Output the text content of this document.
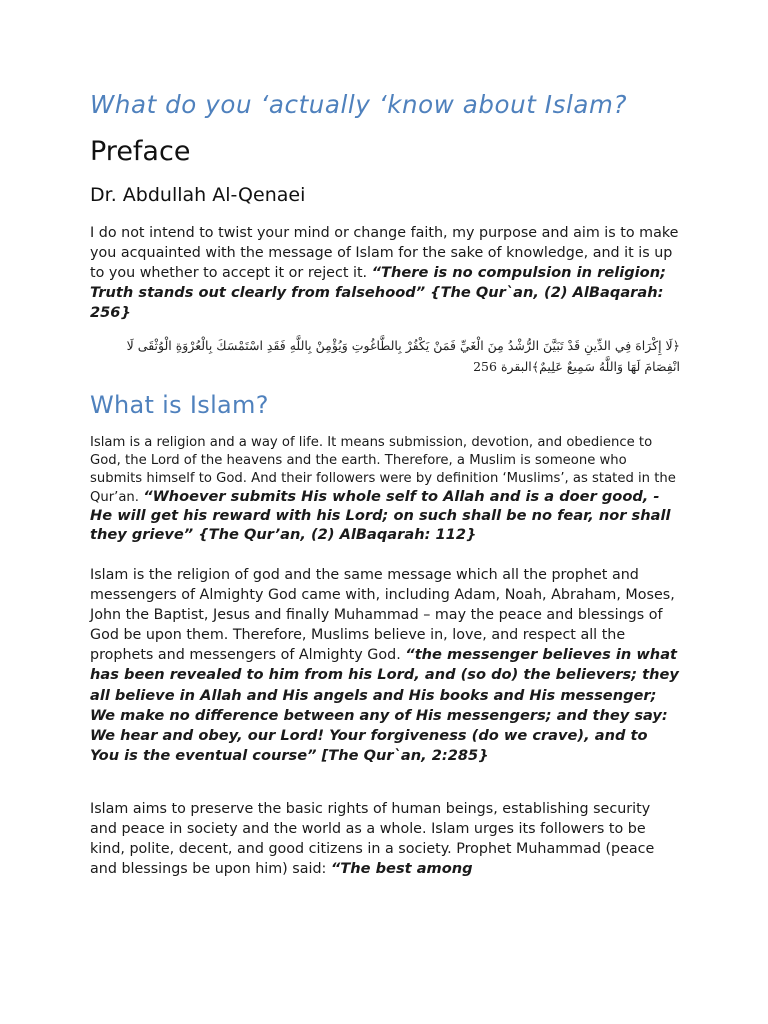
What do you ‘actually ‘know about Islam?
Preface
Dr. Abdullah Al-Qenaei

I do not intend to twist your mind or change faith, my purpose and aim is to make you acquainted with the message of Islam for the sake of knowledge, and it is up to you whether to accept it or reject it. “There is no compulsion in religion; Truth stands out clearly from falsehood” {The Qur`an, (2) AlBaqarah: 256}

﴿لَا إِكْرَاهَ فِي الدِّينِ قَدْ تَبَيَّنَ الرُّشْدُ مِنَ الْغَيِّ فَمَنْ يَكْفُرْ بِالطَّاغُوتِ وَيُؤْمِنْ بِاللَّهِ فَقَدِ اسْتَمْسَكَ بِالْعُرْوَةِ الْوُثْقَى لَا انْفِصَامَ لَهَا وَاللَّهُ سَمِيعٌ عَلِيمٌ﴾البقرة 256

What is Islam?

Islam is a religion and a way of life. It means submission, devotion, and obedience to God, the Lord of the heavens and the earth. Therefore, a Muslim is someone who submits himself to God. And their followers were by definition ‘Muslims’, as stated in the Qur’an. “Whoever submits His whole self to Allah and is a doer good, - He will get his reward with his Lord; on such shall be no fear, nor shall they grieve” {The Qur’an, (2) AlBaqarah: 112}

Islam is the religion of god and the same message which all the prophet and messengers of Almighty God came with, including Adam, Noah, Abraham, Moses, John the Baptist, Jesus and finally Muhammad – may the peace and blessings of God be upon them. Therefore, Muslims believe in, love, and respect all the prophets and messengers of Almighty God. “the messenger believes in what has been revealed to him from his Lord, and (so do) the believers; they all believe in Allah and His angels and His books and His messenger; We make no difference between any of His messengers; and they say: We hear and obey, our Lord! Your forgiveness (do we crave), and to You is the eventual course” [The Qur`an, 2:285}

Islam aims to preserve the basic rights of human beings, establishing security and peace in society and the world as a whole. Islam urges its followers to be kind, polite, decent, and good citizens in a society. Prophet Muhammad (peace and blessings be upon him) said: “The best among
